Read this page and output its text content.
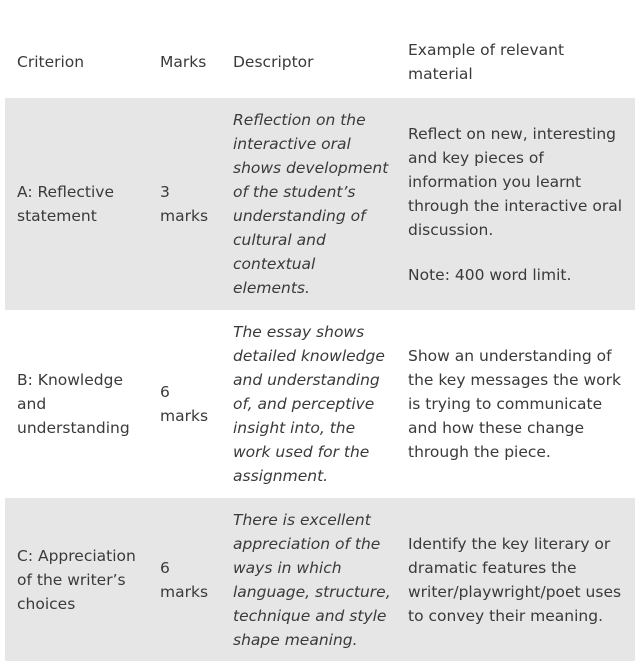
Criterion	Marks	Descriptor
Example of relevant material
A: Reflective statement
3 marks
Reflection on the interactive oral shows development of the student’s understanding of cultural and contextual elements.
Reflect on new, interesting and key pieces of information you learnt through the interactive oral discussion.
Note: 400 word limit.
B: Knowledge and understanding
6 marks
The essay shows detailed knowledge and understanding of, and perceptive insight into, the work used for the assignment.
Show an understanding of the key messages the work is trying to communicate and how these change through the piece.
C: Appreciation of the writer’s choices
6 marks
There is excellent appreciation of the ways in which language, structure, technique and style shape meaning.
Identify the key literary or dramatic features the writer/playwright/poet uses to convey their meaning.
